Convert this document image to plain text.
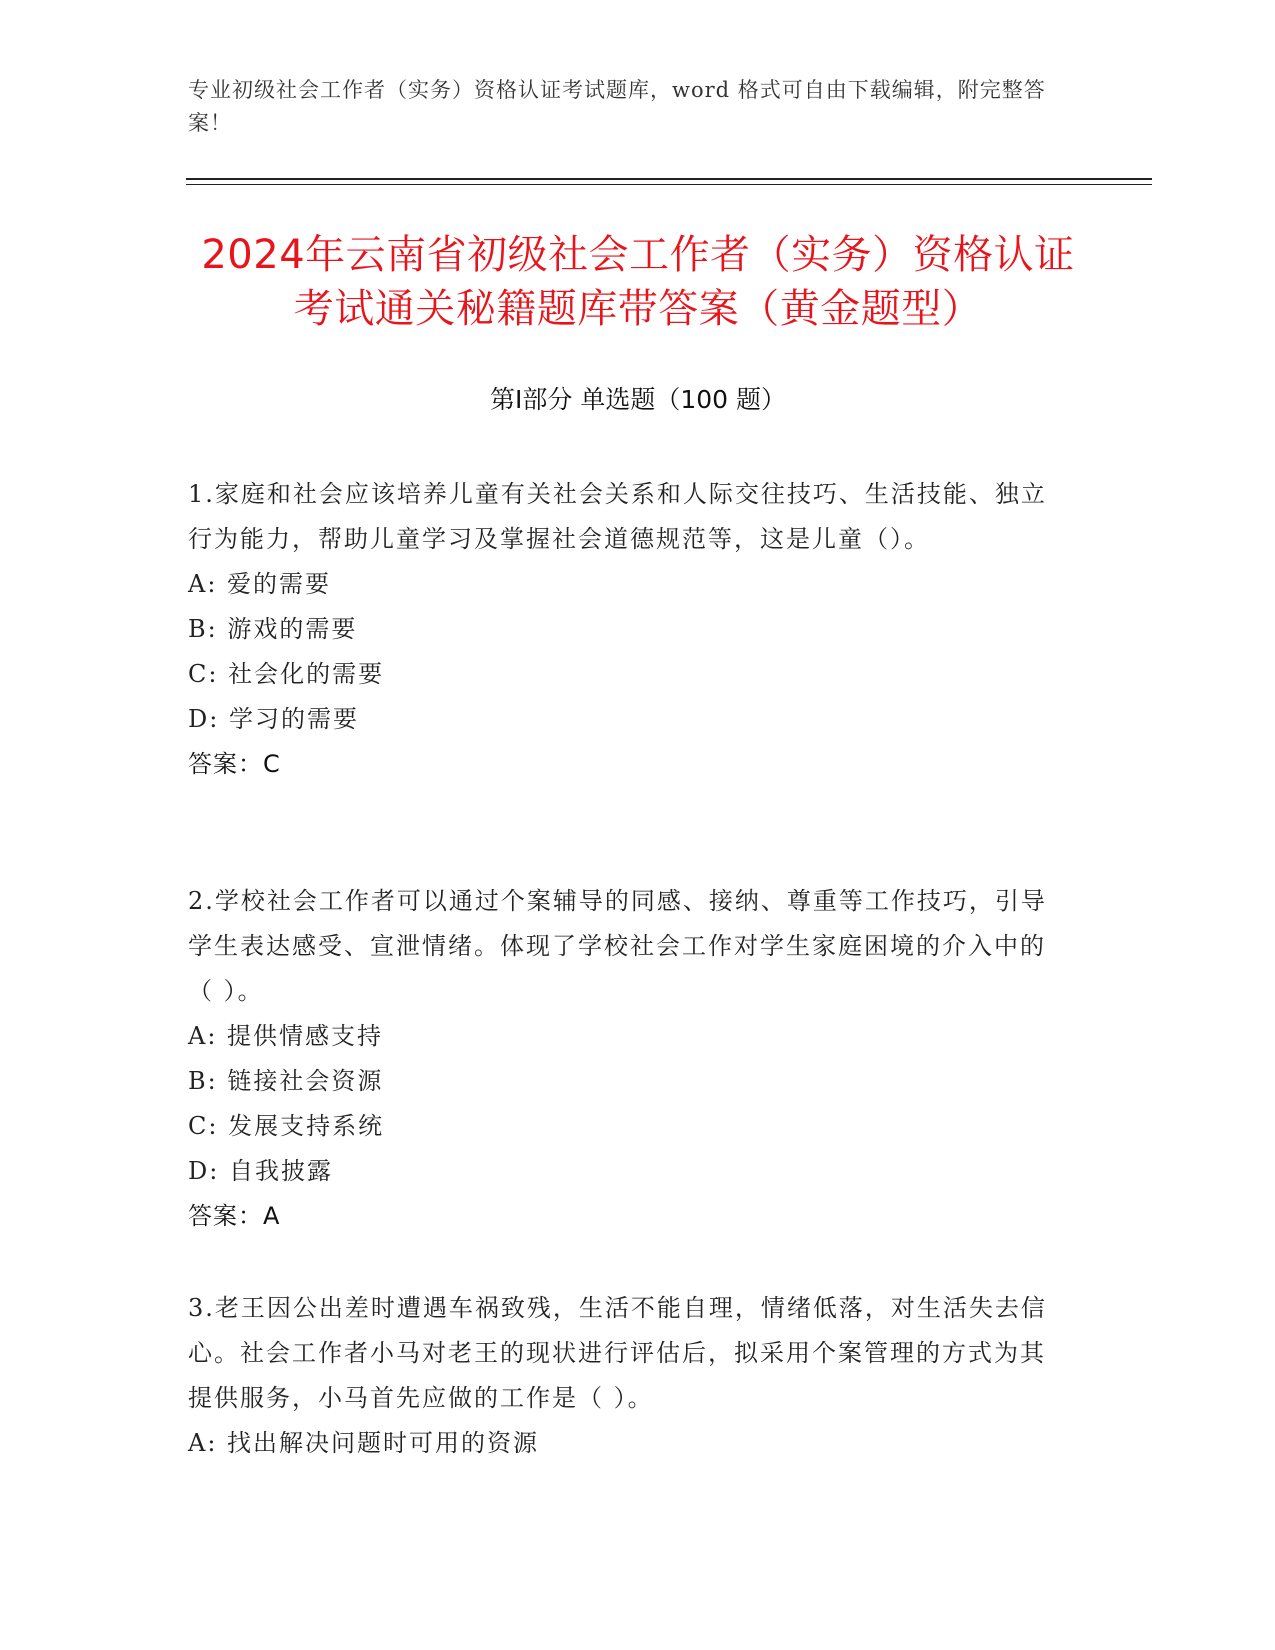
专业初级社会工作者（实务）资格认证考试题库，word 格式可自由下载编辑，附完整答案！
2024年云南省初级社会工作者（实务）资格认证考试通关秘籍题库带答案（黄金题型）
第Ⅰ部分 单选题（100 题）
1.家庭和社会应该培养儿童有关社会关系和人际交往技巧、生活技能、独立行为能力，帮助儿童学习及掌握社会道德规范等，这是儿童（）。
A: 爱的需要
B: 游戏的需要
C: 社会化的需要
D: 学习的需要
答案：C
2.学校社会工作者可以通过个案辅导的同感、接纳、尊重等工作技巧，引导学生表达感受、宣泄情绪。体现了学校社会工作对学生家庭困境的介入中的（ ）。
A: 提供情感支持
B: 链接社会资源
C: 发展支持系统
D: 自我披露
答案：A
3.老王因公出差时遭遇车祸致残，生活不能自理，情绪低落，对生活失去信心。社会工作者小马对老王的现状进行评估后，拟采用个案管理的方式为其提供服务，小马首先应做的工作是（ ）。
A: 找出解决问题时可用的资源
